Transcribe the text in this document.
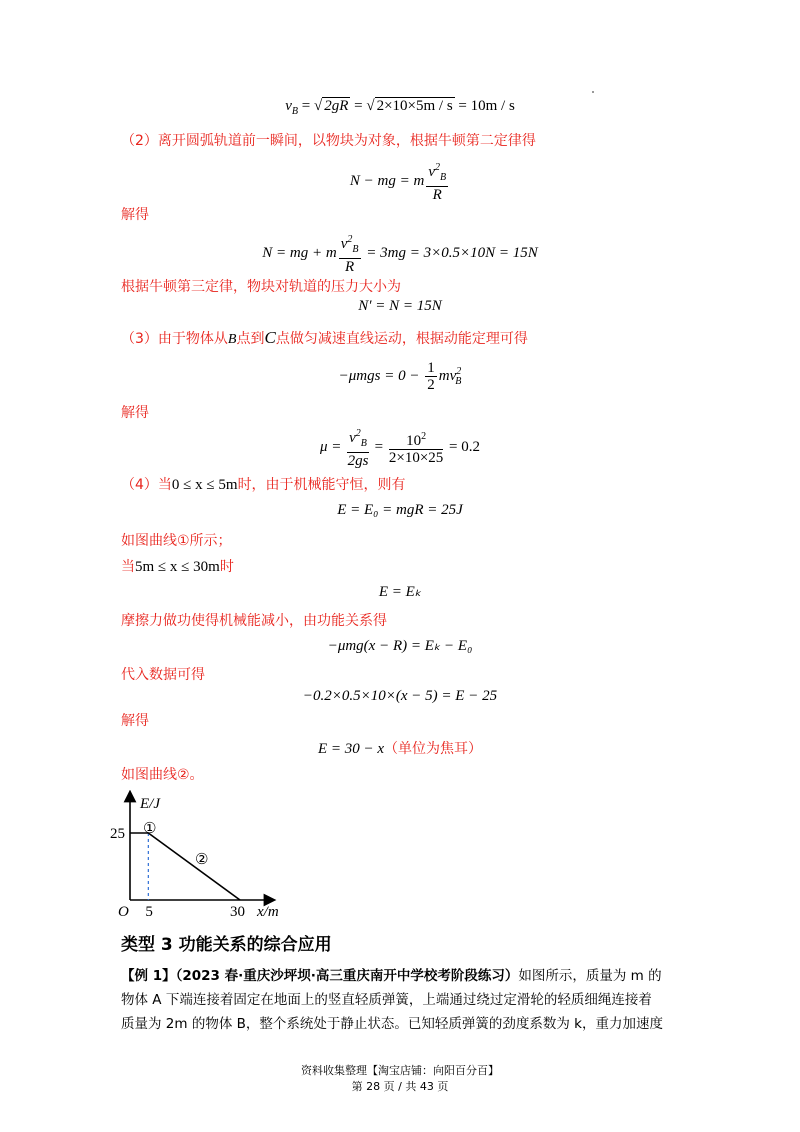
$v_B$ = √ 2gR = √ 2×10×5m / s = 10m / s
（2）离开圆弧轨道前一瞬间，以物块为对象，根据牛顿第二定律得
N − mg = m $\frac{v^2_B}{R}$
解得
N = mg + m $\frac{v^2_B}{R} = 3mg = 3\times 0.5\times 10N = 15N$
根据牛顿第三定律，物块对轨道的压力大小为
N′ = N = 15N
（3）由于物体从B点到C点做匀减速直线运动，根据动能定理可得
$-\mu mgs = 0 - \frac{1}{2} mv^2_B$
解得
$\mu = \frac{v^2_B}{2gs} = \frac{10^2}{2\times 10\times 25} = 0.2$
（4）当0 ≤ x ≤ 5m时，由于机械能守恒，则有
E = E₀ = mgR = 25J
如图曲线①所示；
当5m ≤ x ≤ 30m时
E = Eₖ
摩擦力做功使得机械能减小，由功能关系得
−μmg(x − R) = Eₖ − E₀
代入数据可得
−0.2×0.5×10×(x − 5) = E − 25
解得
E = 30 − x（单位为焦耳）
如图曲线②。
E/J
25
O 5	30 x/m
①
②
类型 3 功能关系的综合应用
【例 1】（2023 春·重庆沙坪坝·高三重庆南开中学校考阶段练习）如图所示，质量为 m 的
物体 A 下端连接着固定在地面上的竖直轻质弹簧，上端通过绕过定滑轮的轻质细绳连接着
质量为 2m 的物体 B，整个系统处于静止状态。已知轻质弹簧的劲度系数为 k，重力加速度
资料收集整理【淘宝店铺：向阳百分百】
第 28 页 / 共 43 页
